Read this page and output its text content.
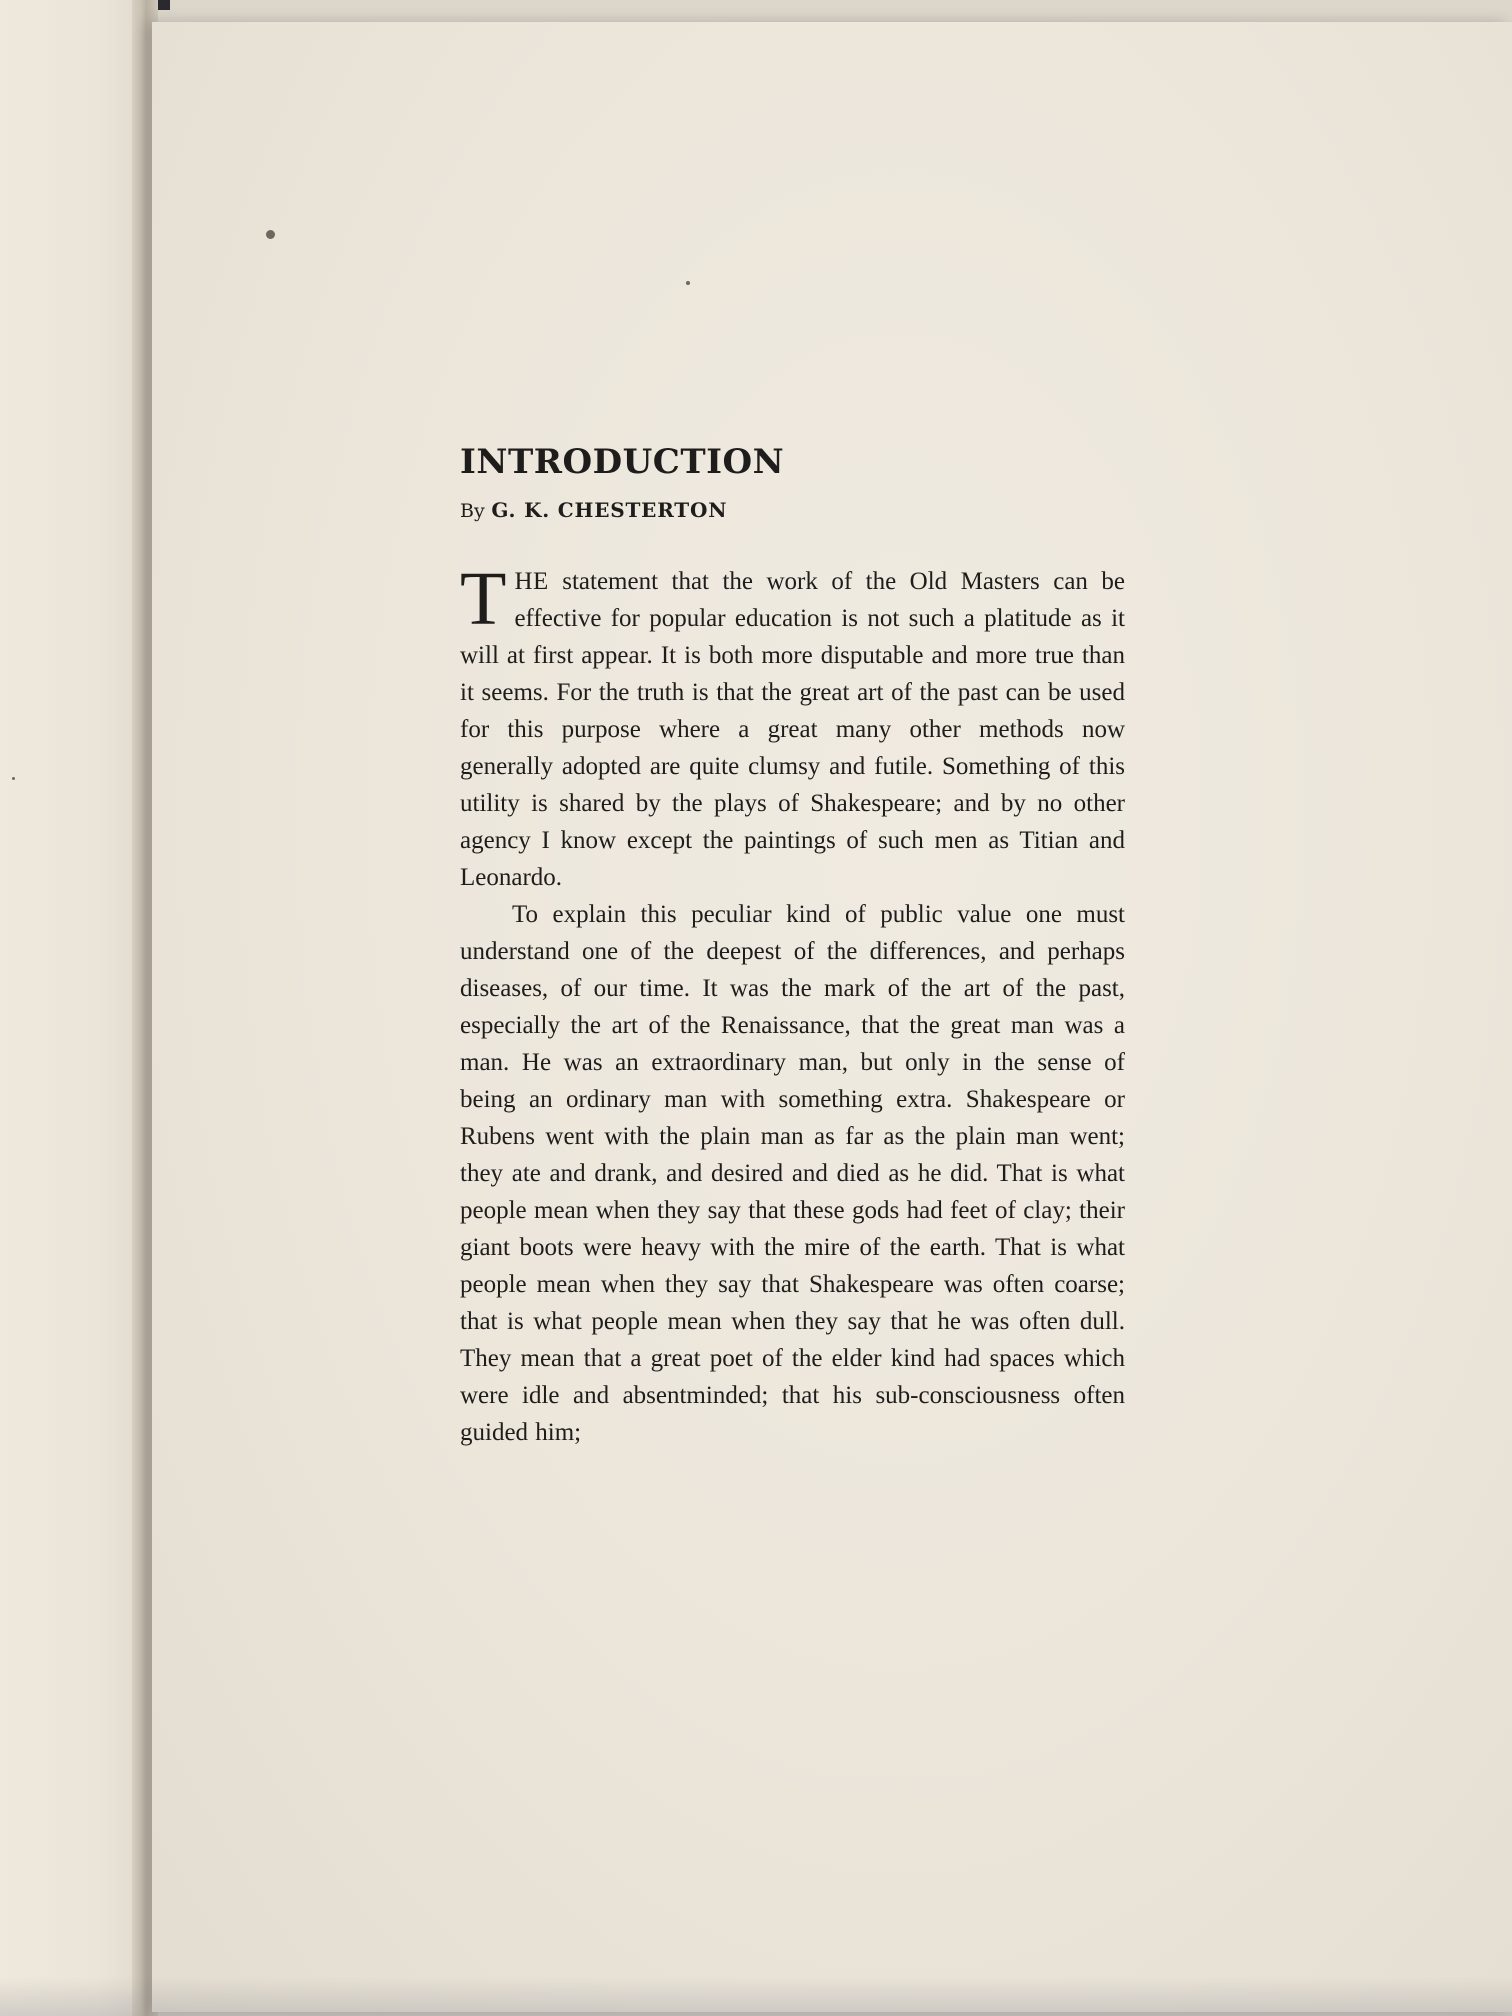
INTRODUCTION
By G. K. CHESTERTON

THE statement that the work of the Old Masters can be effective for popular education is not such a platitude as it will at first appear. It is both more disputable and more true than it seems. For the truth is that the great art of the past can be used for this purpose where a great many other methods now generally adopted are quite clumsy and futile. Something of this utility is shared by the plays of Shakespeare; and by no other agency I know except the paintings of such men as Titian and Leonardo.

To explain this peculiar kind of public value one must understand one of the deepest of the differences, and perhaps diseases, of our time. It was the mark of the art of the past, especially the art of the Renaissance, that the great man was a man. He was an extraordinary man, but only in the sense of being an ordinary man with something extra. Shakespeare or Rubens went with the plain man as far as the plain man went; they ate and drank, and desired and died as he did. That is what people mean when they say that these gods had feet of clay; their giant boots were heavy with the mire of the earth. That is what people mean when they say that Shakespeare was often coarse; that is what people mean when they say that he was often dull. They mean that a great poet of the elder kind had spaces which were idle and absentminded; that his sub-consciousness often guided him;
